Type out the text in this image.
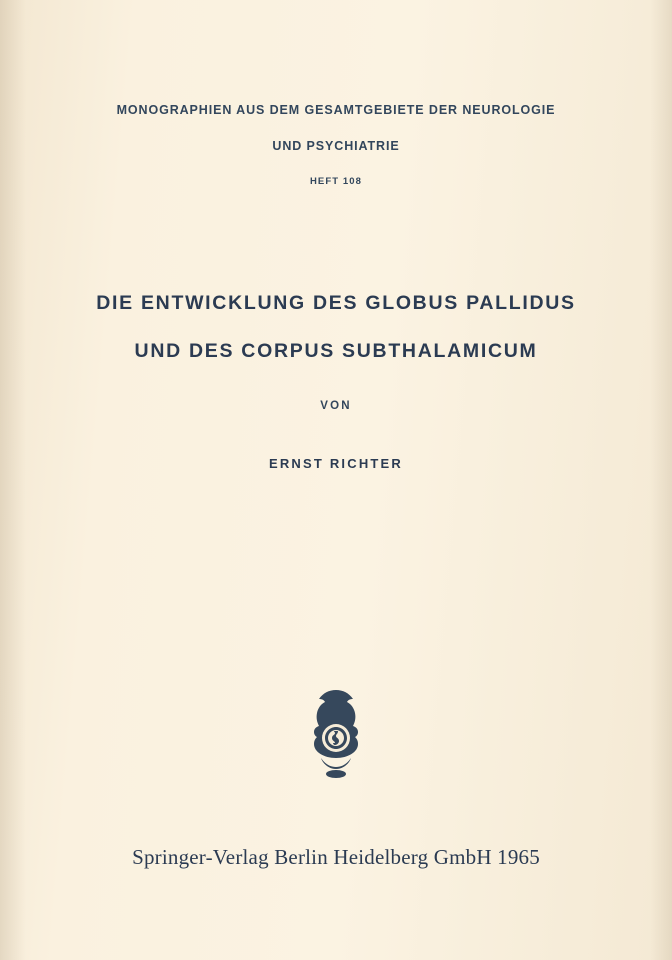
MONOGRAPHIEN AUS DEM GESAMTGEBIETE DER NEUROLOGIE
UND PSYCHIATRIE
HEFT 108
DIE ENTWICKLUNG DES GLOBUS PALLIDUS
UND DES CORPUS SUBTHALAMICUM
VON
ERNST RICHTER
Springer-Verlag Berlin Heidelberg GmbH 1965
